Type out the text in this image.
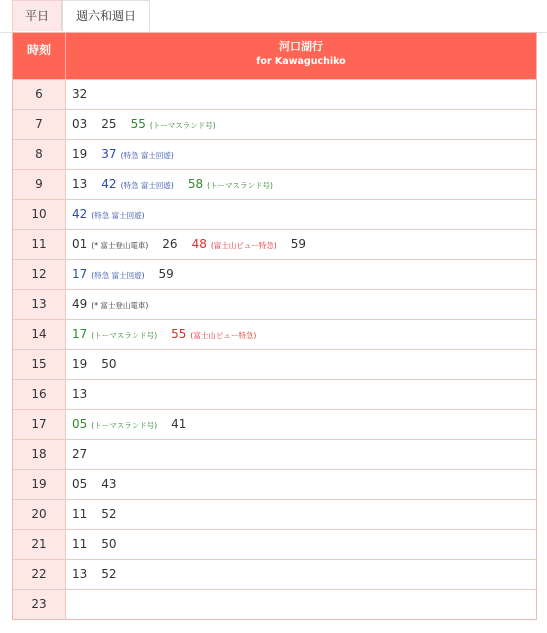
平日	週六和週日
時刻	河口湖行
for Kawaguchiko
6	32
7	03 25 55 (トーマスランド号)
8	19 37 (特急 富士回遊)
9	13 42 (特急 富士回遊) 58 (トーマスランド号)
10	42 (特急 富士回遊)
11	01 (* 富士登山電車) 26 48 (富士山ビュー特急) 59
12	17 (特急 富士回遊) 59
13	49 (* 富士登山電車)
14	17 (トーマスランド号) 55 (富士山ビュー特急)
15	19 50
16	13
17	05 (トーマスランド号) 41
18	27
19	05 43
20	11 52
21	11 50
22	13 52
23
